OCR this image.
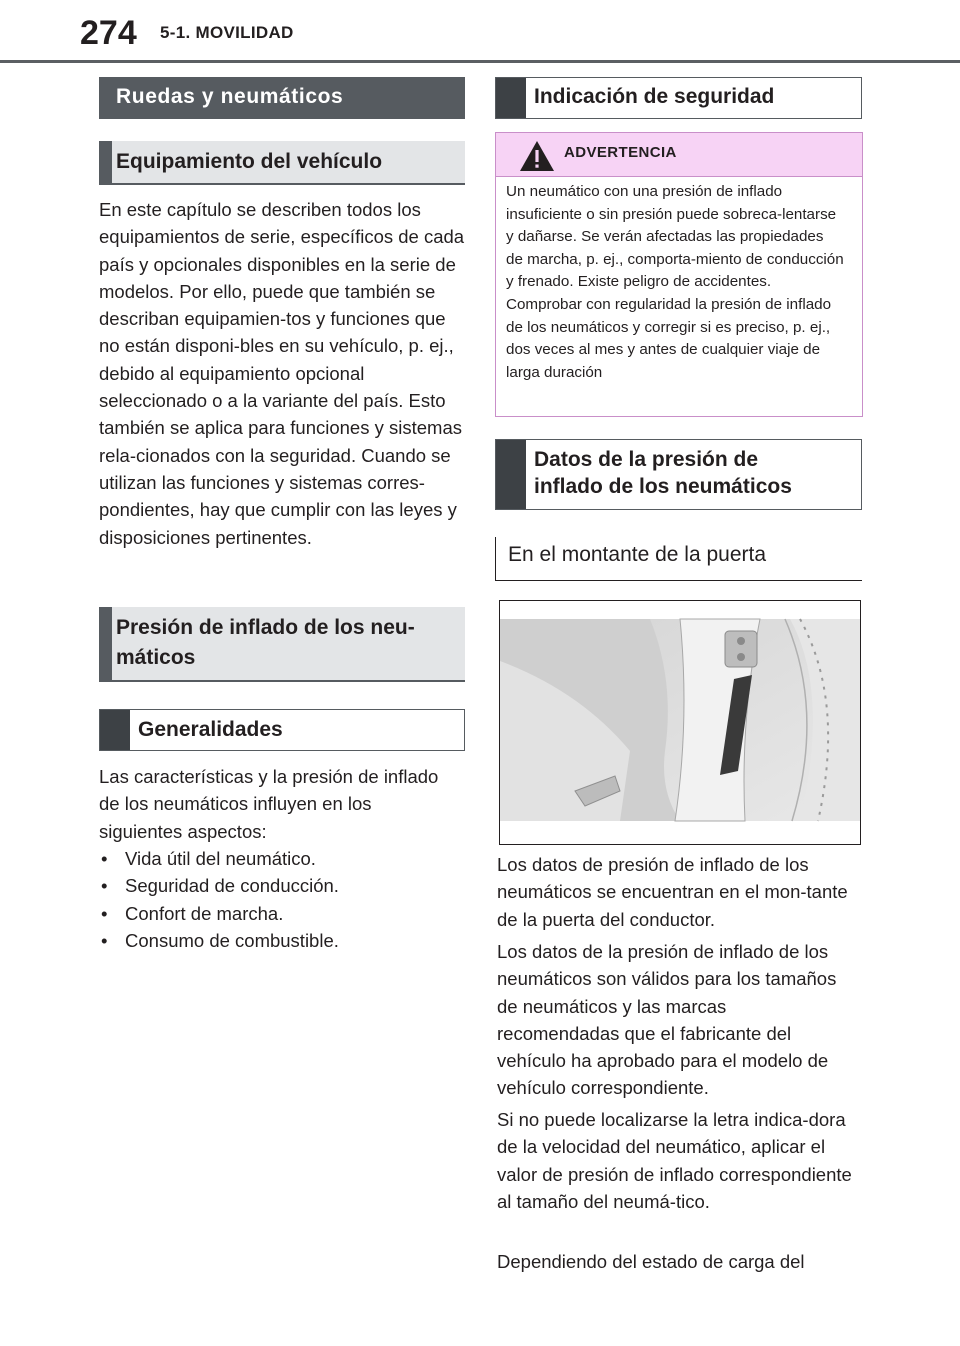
274 5-1. MOVILIDAD
Ruedas y neumáticos
Equipamiento del vehículo
En este capítulo se describen todos los equipamientos de serie, específicos de cada país y opcionales disponibles en la serie de modelos. Por ello, puede que también se describan equipamien-tos y funciones que no están disponi-bles en su vehículo, p. ej., debido al equipamiento opcional seleccionado o a la variante del país. Esto también se aplica para funciones y sistemas rela-cionados con la seguridad. Cuando se utilizan las funciones y sistemas corres-pondientes, hay que cumplir con las leyes y disposiciones pertinentes.
Presión de inflado de los neu-
máticos
Generalidades
Las características y la presión de inflado de los neumáticos influyen en los siguientes aspectos:
• Vida útil del neumático.
• Seguridad de conducción.
• Confort de marcha.
• Consumo de combustible.
Indicación de seguridad
ADVERTENCIA
Un neumático con una presión de inflado insuficiente o sin presión puede sobreca-lentarse y dañarse. Se verán afectadas las propiedades de marcha, p. ej., comporta-miento de conducción y frenado. Existe peligro de accidentes. Comprobar con regularidad la presión de inflado de los neumáticos y corregir si es preciso, p. ej., dos veces al mes y antes de cualquier viaje de larga duración
Datos de la presión de
inflado de los neumáticos
En el montante de la puerta
Los datos de presión de inflado de los neumáticos se encuentran en el mon-tante de la puerta del conductor.
Los datos de la presión de inflado de los neumáticos son válidos para los tamaños de neumáticos y las marcas recomendadas que el fabricante del vehículo ha aprobado para el modelo de vehículo correspondiente.
Si no puede localizarse la letra indica-dora de la velocidad del neumático, aplicar el valor de presión de inflado correspondiente al tamaño del neumá-tico.
Dependiendo del estado de carga del
